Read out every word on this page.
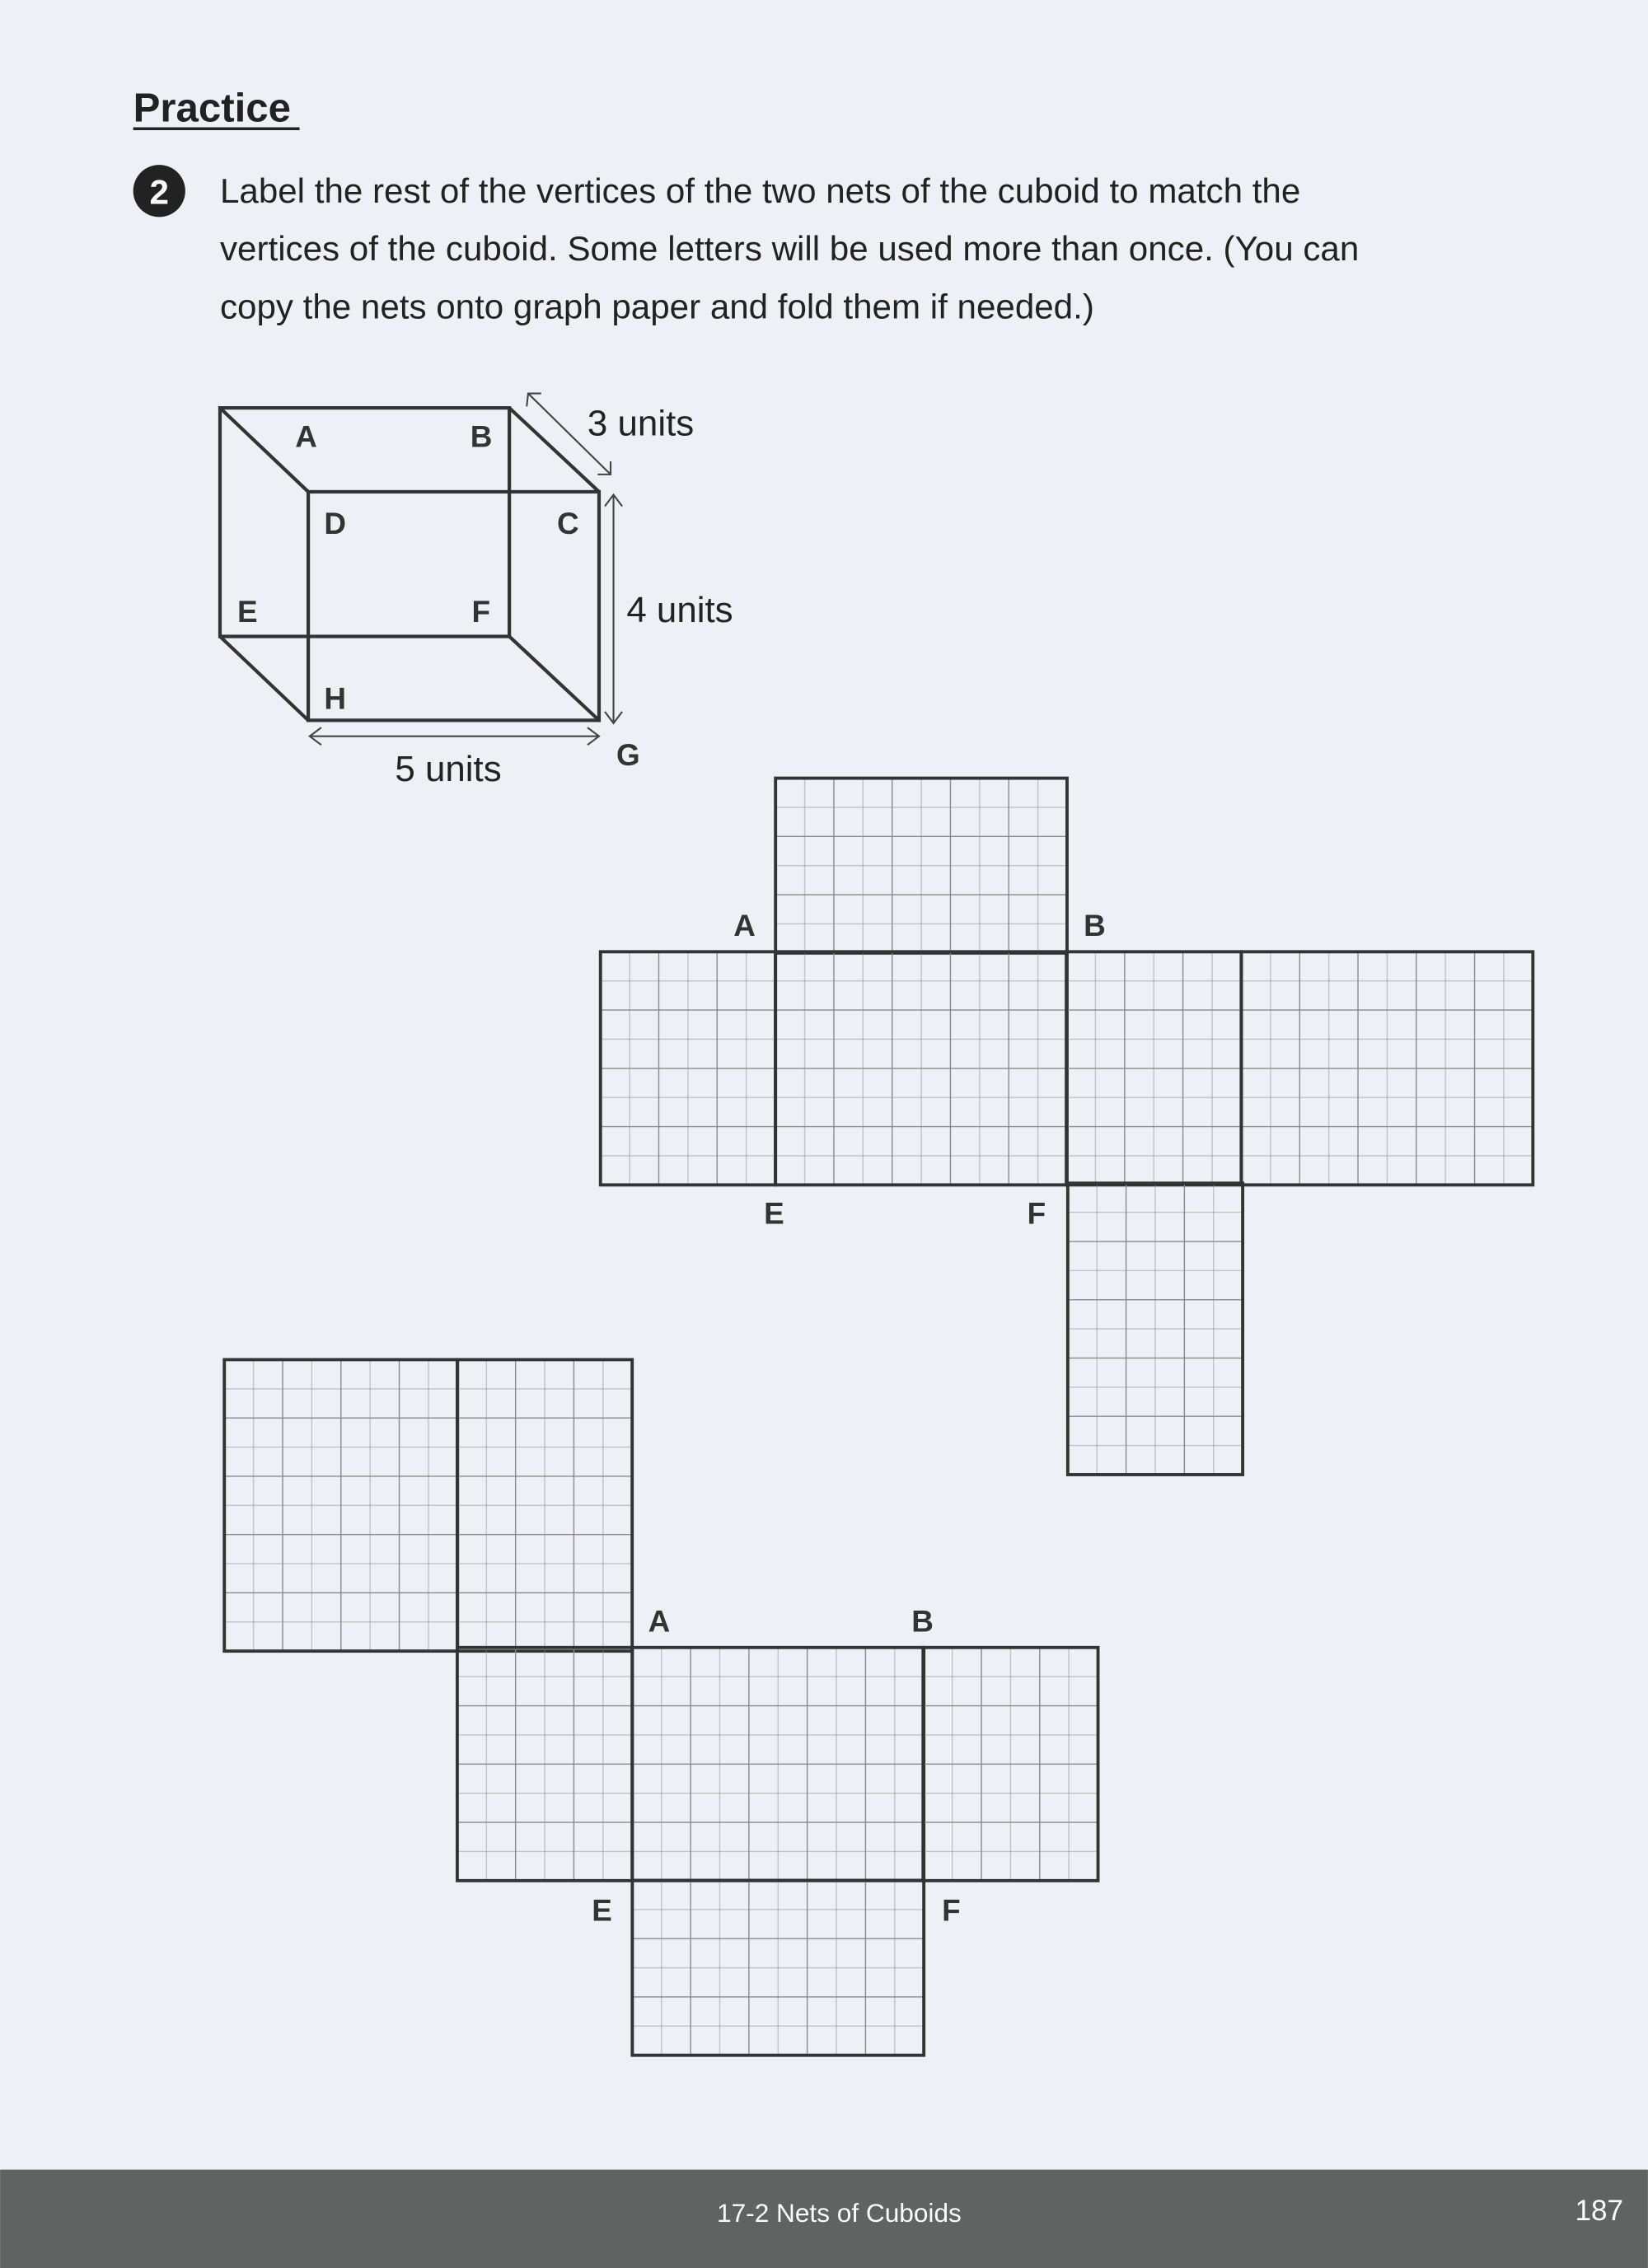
Practice
2	Label the rest of the vertices of the two nets of the cuboid to match the
vertices of the cuboid. Some letters will be used more than once. (You can
copy the nets onto graph paper and fold them if needed.)
A	B
C
D
E	F
G
H
3 units
4 units
5 units
A	B
E	F
A	B
E	F
17-2 Nets of Cuboids	187
